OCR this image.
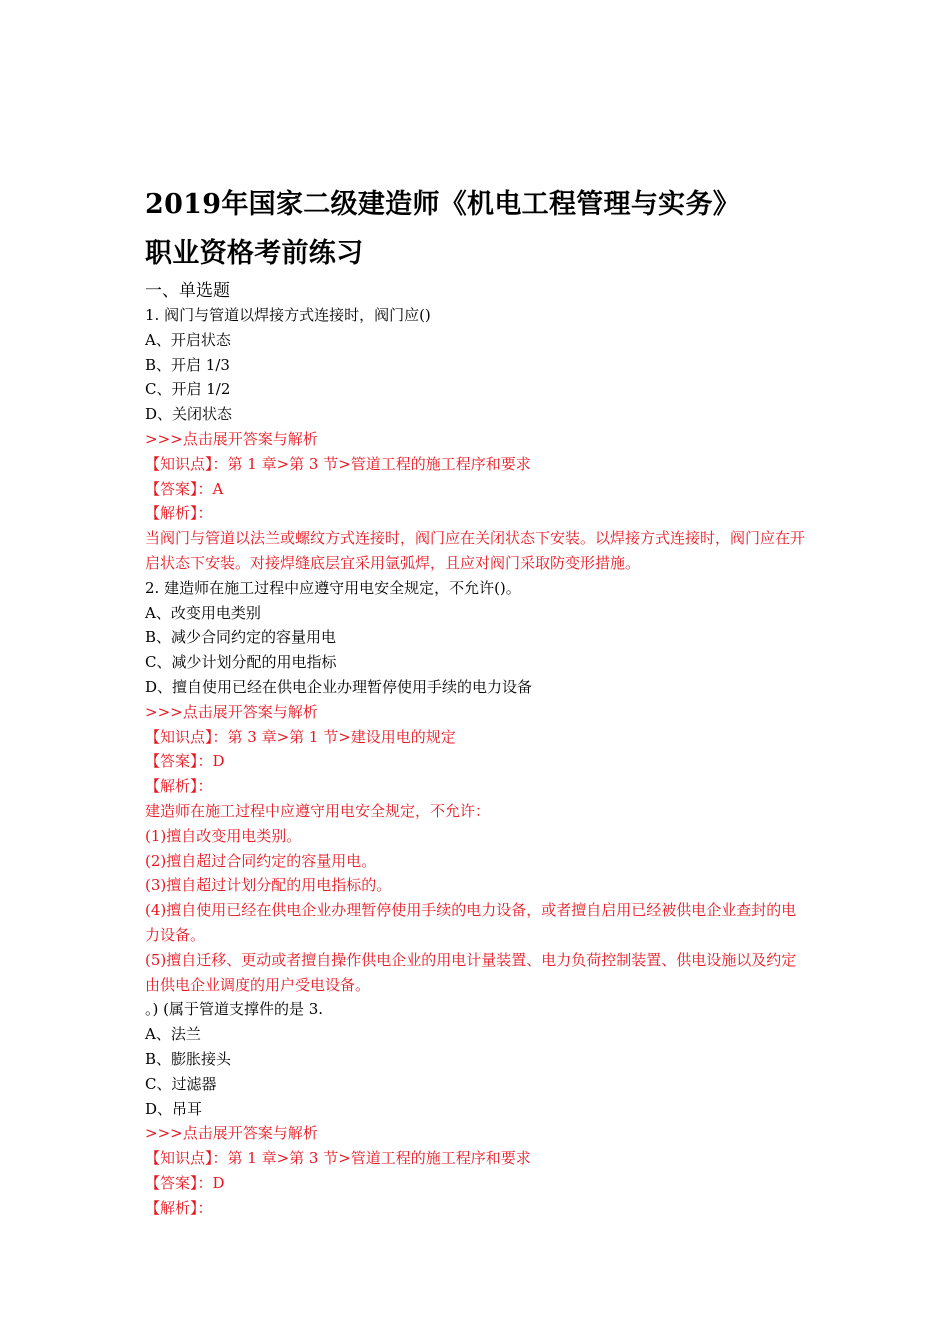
2019年国家二级建造师《机电工程管理与实务》
职业资格考前练习
一、单选题
1. 阀门与管道以焊接方式连接时，阀门应()
A、开启状态
B、开启 1/3
C、开启 1/2
D、关闭状态
>>>点击展开答案与解析
【知识点】：第 1 章>第 3 节>管道工程的施工程序和要求
【答案】：A
【解析】：
当阀门与管道以法兰或螺纹方式连接时，阀门应在关闭状态下安装。以焊接方式连接时，阀门应在开启状态下安装。对接焊缝底层宜采用氩弧焊，且应对阀门采取防变形措施。
2. 建造师在施工过程中应遵守用电安全规定，不允许()。
A、改变用电类别
B、减少合同约定的容量用电
C、减少计划分配的用电指标
D、擅自使用已经在供电企业办理暂停使用手续的电力设备
>>>点击展开答案与解析
【知识点】：第 3 章>第 1 节>建设用电的规定
【答案】：D
【解析】：
建造师在施工过程中应遵守用电安全规定，不允许：
(1)擅自改变用电类别。
(2)擅自超过合同约定的容量用电。
(3)擅自超过计划分配的用电指标的。
(4)擅自使用已经在供电企业办理暂停使用手续的电力设备，或者擅自启用已经被供电企业查封的电力设备。
(5)擅自迁移、更动或者擅自操作供电企业的用电计量装置、电力负荷控制装置、供电设施以及约定由供电企业调度的用户受电设备。
。) (属于管道支撑件的是 3.
A、法兰
B、膨胀接头
C、过滤器
D、吊耳
>>>点击展开答案与解析
【知识点】：第 1 章>第 3 节>管道工程的施工程序和要求
【答案】：D
【解析】：
